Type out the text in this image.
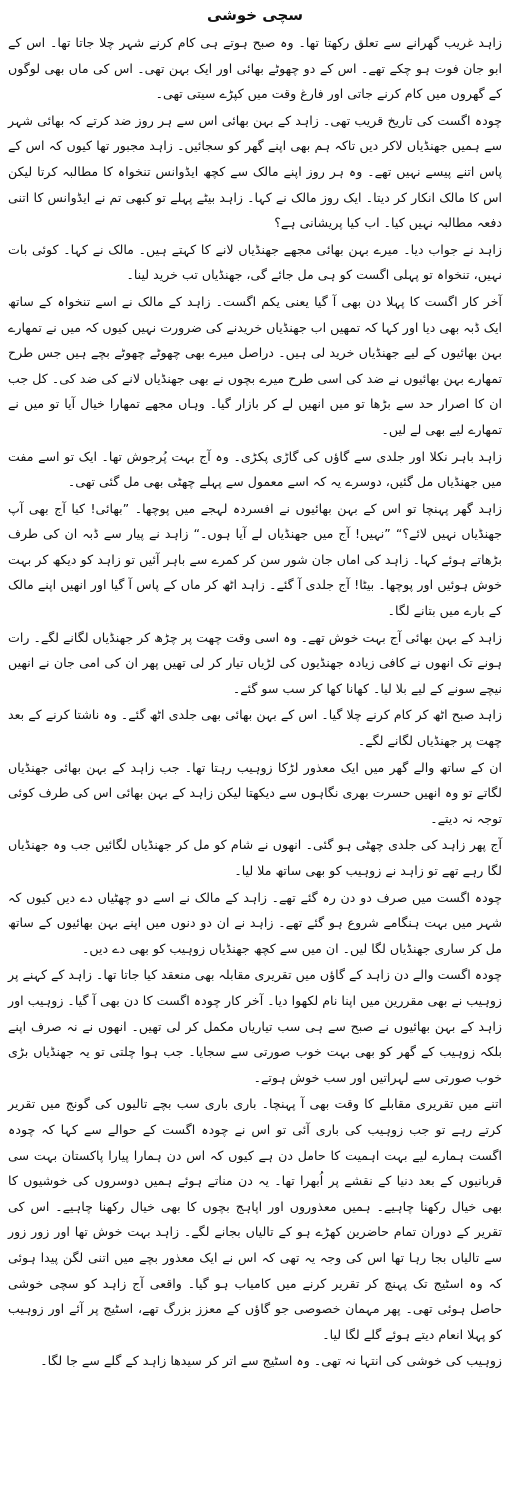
سچی خوشی

زاہد غریب گھرانے سے تعلق رکھتا تھا۔ وہ صبح ہوتے ہی کام کرنے شہر چلا جاتا تھا۔ اس کے ابو جان فوت ہو چکے تھے۔ اس کے دو چھوٹے بھائی اور ایک بہن تھی۔ اس کی ماں بھی لوگوں کے گھروں میں کام کرنے جاتی اور فارغ وقت میں کپڑے سیتی تھی۔

چودہ اگست کی تاریخ قریب تھی۔ زاہد کے بہن بھائی اس سے ہر روز ضد کرتے کہ بھائی شہر سے ہمیں جھنڈیاں لاکر دیں تاکہ ہم بھی اپنے گھر کو سجائیں۔ زاہد مجبور تھا کیوں کہ اس کے پاس اتنے پیسے نہیں تھے۔ وہ ہر روز اپنے مالک سے کچھ ایڈوانس تنخواہ کا مطالبہ کرتا لیکن اس کا مالک انکار کر دیتا۔ ایک روز مالک نے کہا۔ زاہد بیٹے پہلے تو کبھی تم نے ایڈوانس کا اتنی دفعہ مطالبہ نہیں کیا۔ اب کیا پریشانی ہے؟

زاہد نے جواب دیا۔ میرے بہن بھائی مجھے جھنڈیاں لانے کا کہتے ہیں۔ مالک نے کہا۔ کوئی بات نہیں، تنخواہ تو پہلی اگست کو ہی مل جائے گی، جھنڈیاں تب خرید لینا۔

آخر کار اگست کا پہلا دن بھی آ گیا یعنی یکم اگست۔ زاہد کے مالک نے اسے تنخواہ کے ساتھ ایک ڈبہ بھی دیا اور کہا کہ تمھیں اب جھنڈیاں خریدنے کی ضرورت نہیں کیوں کہ میں نے تمھارے بہن بھائیوں کے لیے جھنڈیاں خرید لی ہیں۔ دراصل میرے بھی چھوٹے چھوٹے بچے ہیں جس طرح تمھارے بہن بھائیوں نے ضد کی اسی طرح میرے بچوں نے بھی جھنڈیاں لانے کی ضد کی۔ کل جب ان کا اصرار حد سے بڑھا تو میں انھیں لے کر بازار گیا۔ وہاں مجھے تمھارا خیال آیا تو میں نے تمھارے لیے بھی لے لیں۔

زاہد باہر نکلا اور جلدی سے گاؤں کی گاڑی پکڑی۔ وہ آج بہت پُرجوش تھا۔ ایک تو اسے مفت میں جھنڈیاں مل گئیں، دوسرے یہ کہ اسے معمول سے پہلے چھٹی بھی مل گئی تھی۔

زاہد گھر پہنچا تو اس کے بہن بھائیوں نے افسردہ لہجے میں پوچھا۔ ”بھائی! کیا آج بھی آپ جھنڈیاں نہیں لائے؟“ ”نہیں! آج میں جھنڈیاں لے آیا ہوں۔“ زاہد نے پیار سے ڈبہ ان کی طرف بڑھاتے ہوئے کہا۔ زاہد کی اماں جان شور سن کر کمرے سے باہر آئیں تو زاہد کو دیکھ کر بہت خوش ہوئیں اور پوچھا۔ بیٹا! آج جلدی آ گئے۔ زاہد اٹھ کر ماں کے پاس آ گیا اور انھیں اپنے مالک کے بارے میں بتانے لگا۔

زاہد کے بہن بھائی آج بہت خوش تھے۔ وہ اسی وقت چھت پر چڑھ کر جھنڈیاں لگانے لگے۔ رات ہونے تک انھوں نے کافی زیادہ جھنڈیوں کی لڑیاں تیار کر لی تھیں پھر ان کی امی جان نے انھیں نیچے سونے کے لیے بلا لیا۔ کھانا کھا کر سب سو گئے۔

زاہد صبح اٹھ کر کام کرنے چلا گیا۔ اس کے بہن بھائی بھی جلدی اٹھ گئے۔ وہ ناشتا کرنے کے بعد چھت پر جھنڈیاں لگانے لگے۔

ان کے ساتھ والے گھر میں ایک معذور لڑکا زوہیب رہتا تھا۔ جب زاہد کے بہن بھائی جھنڈیاں لگاتے تو وہ انھیں حسرت بھری نگاہوں سے دیکھتا لیکن زاہد کے بہن بھائی اس کی طرف کوئی توجہ نہ دیتے۔

آج پھر زاہد کی جلدی چھٹی ہو گئی۔ انھوں نے شام کو مل کر جھنڈیاں لگائیں جب وہ جھنڈیاں لگا رہے تھے تو زاہد نے زوہیب کو بھی ساتھ ملا لیا۔

چودہ اگست میں صرف دو دن رہ گئے تھے۔ زاہد کے مالک نے اسے دو چھٹیاں دے دیں کیوں کہ شہر میں بہت ہنگامے شروع ہو گئے تھے۔ زاہد نے ان دو دنوں میں اپنے بہن بھائیوں کے ساتھ مل کر ساری جھنڈیاں لگا لیں۔ ان میں سے کچھ جھنڈیاں زوہیب کو بھی دے دیں۔

چودہ اگست والے دن زاہد کے گاؤں میں تقریری مقابلہ بھی منعقد کیا جاتا تھا۔ زاہد کے کہنے پر زوہیب نے بھی مقررین میں اپنا نام لکھوا دیا۔ آخر کار چودہ اگست کا دن بھی آ گیا۔ زوہیب اور زاہد کے بہن بھائیوں نے صبح سے ہی سب تیاریاں مکمل کر لی تھیں۔ انھوں نے نہ صرف اپنے بلکہ زوہیب کے گھر کو بھی بہت خوب صورتی سے سجایا۔ جب ہوا چلتی تو یہ جھنڈیاں بڑی خوب صورتی سے لہراتیں اور سب خوش ہوتے۔

اتنے میں تقریری مقابلے کا وقت بھی آ پہنچا۔ باری باری سب بچے تالیوں کی گونج میں تقریر کرتے رہے تو جب زوہیب کی باری آئی تو اس نے چودہ اگست کے حوالے سے کہا کہ چودہ اگست ہمارے لیے بہت اہمیت کا حامل دن ہے کیوں کہ اس دن ہمارا پیارا پاکستان بہت سی قربانیوں کے بعد دنیا کے نقشے پر اُبھرا تھا۔ یہ دن مناتے ہوئے ہمیں دوسروں کی خوشیوں کا بھی خیال رکھنا چاہیے۔ ہمیں معذوروں اور اپاہج بچوں کا بھی خیال رکھنا چاہیے۔ اس کی تقریر کے دوران تمام حاضرین کھڑے ہو کے تالیاں بجانے لگے۔ زاہد بہت خوش تھا اور زور زور سے تالیاں بجا رہا تھا اس کی وجہ یہ تھی کہ اس نے ایک معذور بچے میں اتنی لگن پیدا ہوئی کہ وہ اسٹیج تک پہنچ کر تقریر کرنے میں کامیاب ہو گیا۔ واقعی آج زاہد کو سچی خوشی حاصل ہوئی تھی۔ پھر مہمان خصوصی جو گاؤں کے معزز بزرگ تھے، اسٹیج پر آئے اور زوہیب کو پہلا انعام دیتے ہوئے گلے لگا لیا۔

زوہیب کی خوشی کی انتہا نہ تھی۔ وہ اسٹیج سے اتر کر سیدھا زاہد کے گلے سے جا لگا۔
